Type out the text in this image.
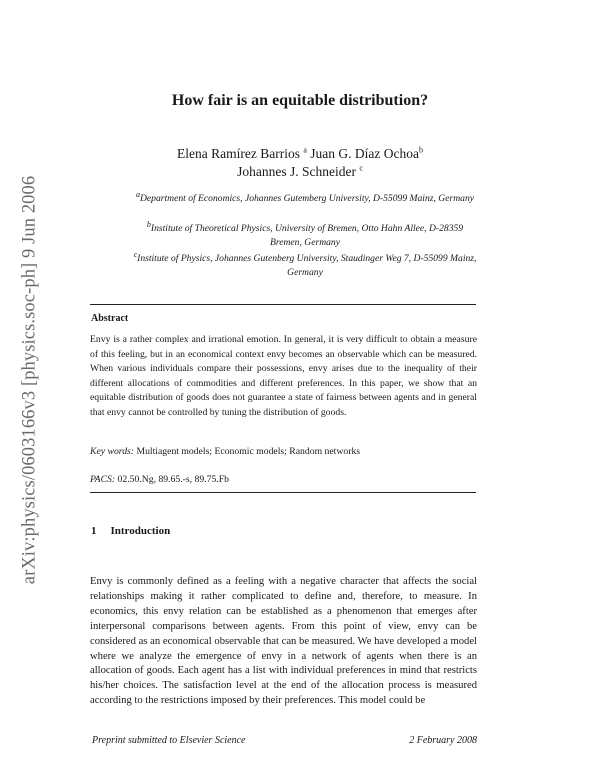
arXiv:physics/0603166v3 [physics.soc-ph] 9 Jun 2006
How fair is an equitable distribution?
Elena Ramírez Barrios $^a$ Juan G. Díaz Ochoa$^b$
Johannes J. Schneider $^c$
$^a$Department of Economics, Johannes Gutemberg University, D-55099 Mainz, Germany
$^b$Institute of Theoretical Physics, University of Bremen, Otto Hahn Allee, D-28359 Bremen, Germany
$^c$Institute of Physics, Johannes Gutenberg University, Staudinger Weg 7, D-55099 Mainz, Germany
Abstract
Envy is a rather complex and irrational emotion. In general, it is very difficult to obtain a measure of this feeling, but in an economical context envy becomes an observable which can be measured. When various individuals compare their possessions, envy arises due to the inequality of their different allocations of commodities and different preferences. In this paper, we show that an equitable distribution of goods does not guarantee a state of fairness between agents and in general that envy cannot be controlled by tuning the distribution of goods.
Key words: Multiagent models; Economic models; Random networks
PACS: 02.50.Ng, 89.65.-s, 89.75.Fb
1 Introduction
Envy is commonly defined as a feeling with a negative character that affects the social relationships making it rather complicated to define and, therefore, to measure. In economics, this envy relation can be established as a phenomenon that emerges after interpersonal comparisons between agents. From this point of view, envy can be considered as an economical observable that can be measured. We have developed a model where we analyze the emergence of envy in a network of agents when there is an allocation of goods. Each agent has a list with individual preferences in mind that restricts his/her choices. The satisfaction level at the end of the allocation process is measured according to the restrictions imposed by their preferences. This model could be
Preprint submitted to Elsevier Science	2 February 2008
